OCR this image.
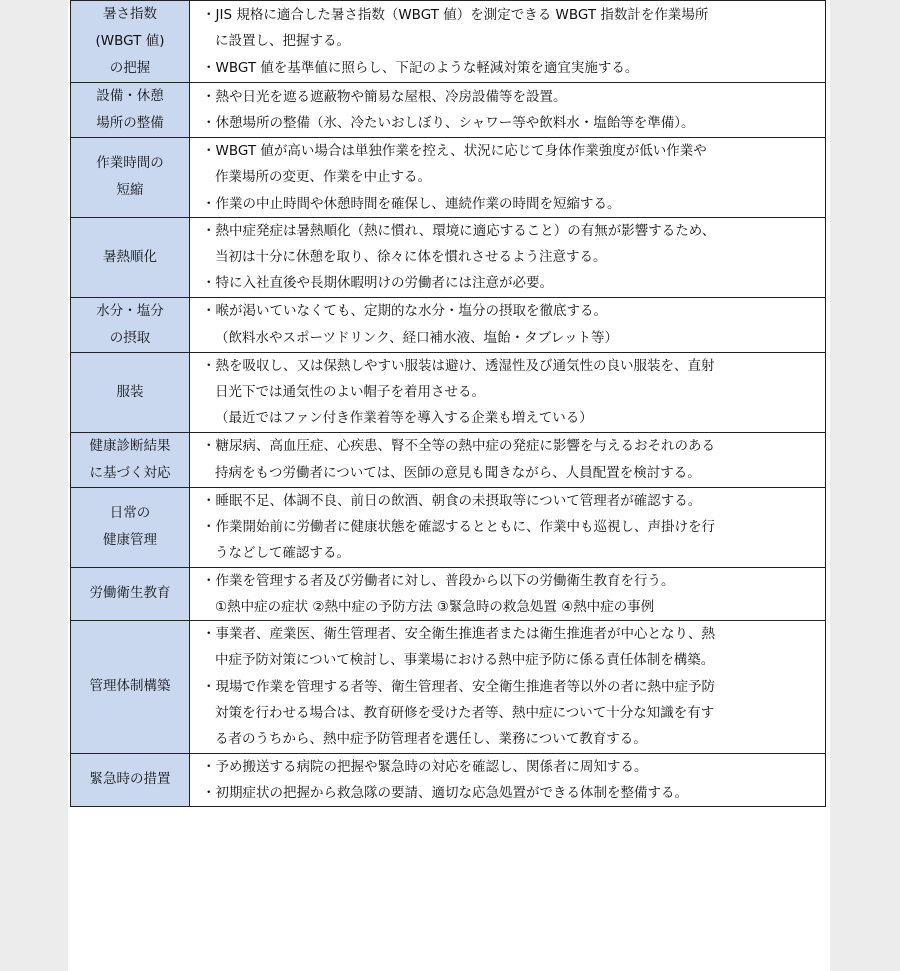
暑さ指数
(WBGT 値)
の把握	・JIS 規格に適合した暑さ指数（WBGT 値）を測定できる WBGT 指数計を作業場所
に設置し、把握する。
・WBGT 値を基準値に照らし、下記のような軽減対策を適宜実施する。

設備・休憩
場所の整備	・熱や日光を遮る遮蔽物や簡易な屋根、冷房設備等を設置。
・休憩場所の整備（氷、冷たいおしぼり、シャワー等や飲料水・塩飴等を準備）。

作業時間の
短縮	・WBGT 値が高い場合は単独作業を控え、状況に応じて身体作業強度が低い作業や
作業場所の変更、作業を中止する。
・作業の中止時間や休憩時間を確保し、連続作業の時間を短縮する。

暑熱順化	・熱中症発症は暑熱順化（熱に慣れ、環境に適応すること）の有無が影響するため、
当初は十分に休憩を取り、徐々に体を慣れさせるよう注意する。
・特に入社直後や長期休暇明けの労働者には注意が必要。

水分・塩分
の摂取	・喉が渇いていなくても、定期的な水分・塩分の摂取を徹底する。
（飲料水やスポーツドリンク、経口補水液、塩飴・タブレット等）

服装	・熱を吸収し、又は保熱しやすい服装は避け、透湿性及び通気性の良い服装を、直射
日光下では通気性のよい帽子を着用させる。
（最近ではファン付き作業着等を導入する企業も増えている）

健康診断結果
に基づく対応	・糖尿病、高血圧症、心疾患、腎不全等の熱中症の発症に影響を与えるおそれのある
持病をもつ労働者については、医師の意見も聞きながら、人員配置を検討する。

日常の
健康管理	・睡眠不足、体調不良、前日の飲酒、朝食の未摂取等について管理者が確認する。
・作業開始前に労働者に健康状態を確認するとともに、作業中も巡視し、声掛けを行
うなどして確認する。

労働衛生教育	・作業を管理する者及び労働者に対し、普段から以下の労働衛生教育を行う。
①熱中症の症状 ②熱中症の予防方法 ③緊急時の救急処置 ④熱中症の事例

管理体制構築	・事業者、産業医、衛生管理者、安全衛生推進者または衛生推進者が中心となり、熱
中症予防対策について検討し、事業場における熱中症予防に係る責任体制を構築。
・現場で作業を管理する者等、衛生管理者、安全衛生推進者等以外の者に熱中症予防
対策を行わせる場合は、教育研修を受けた者等、熱中症について十分な知識を有す
る者のうちから、熱中症予防管理者を選任し、業務について教育する。

緊急時の措置	・予め搬送する病院の把握や緊急時の対応を確認し、関係者に周知する。
・初期症状の把握から救急隊の要請、適切な応急処置ができる体制を整備する。
